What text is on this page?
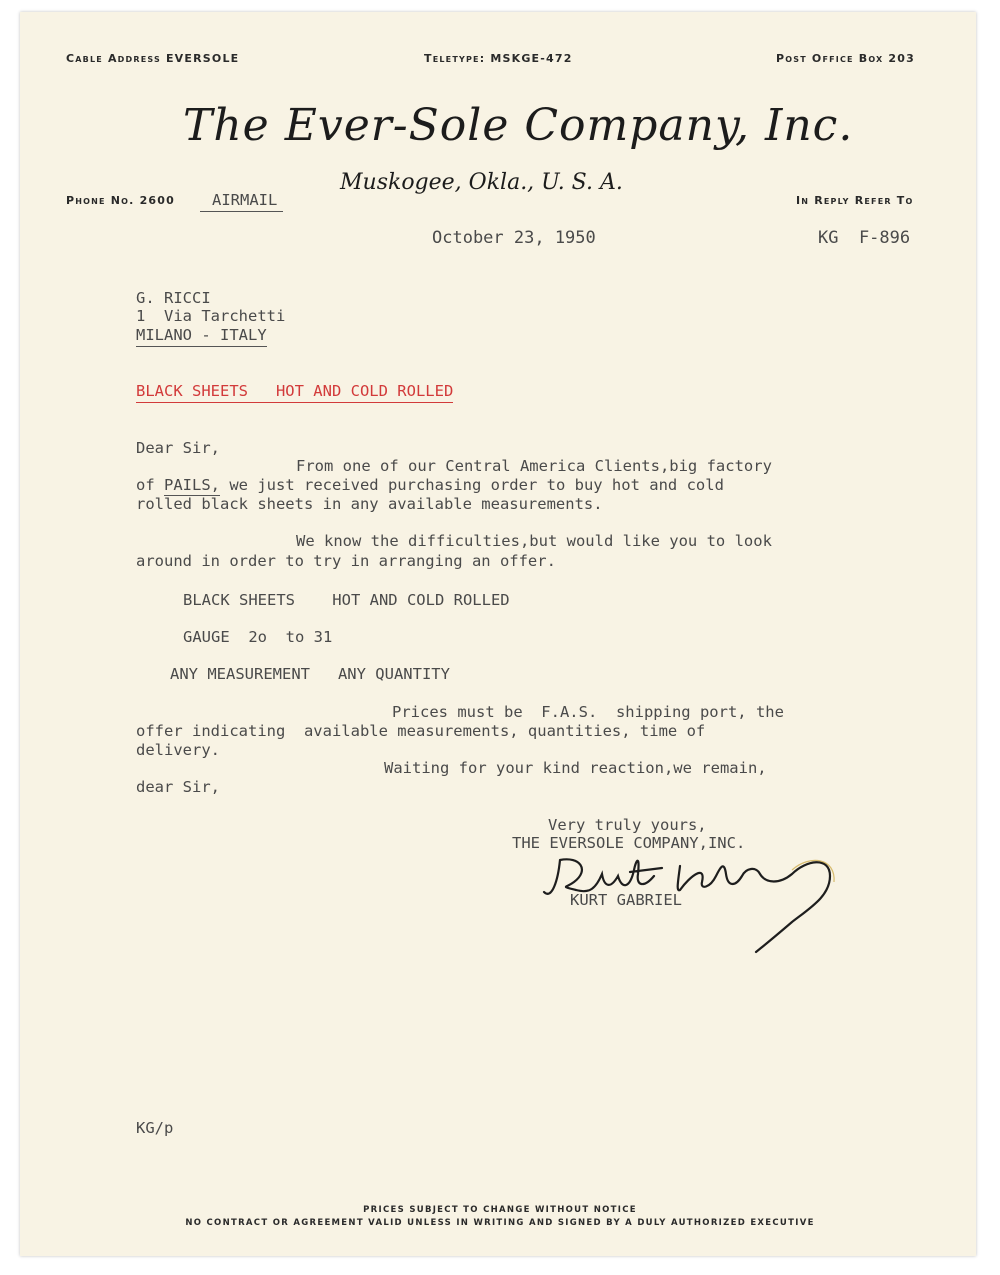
Cable Address EVERSOLE	Teletype: MSKGE-472	Post Office Box 203
The Ever-Sole Company, Inc.
Muskogee, Okla., U. S. A.
Phone No. 2600	AIRMAIL	In Reply Refer To
October 23, 1950	KG  F-896
G. RICCI
1  Via Tarchetti
MILANO - ITALY
BLACK SHEETS   HOT AND COLD ROLLED
Dear Sir,
From one of our Central America Clients,big factory
of PAILS, we just received purchasing order to buy hot and cold
rolled black sheets in any available measurements.
We know the difficulties,but would like you to look
around in order to try in arranging an offer.
BLACK SHEETS    HOT AND COLD ROLLED
GAUGE  2o  to 31
ANY MEASUREMENT   ANY QUANTITY
Prices must be  F.A.S.  shipping port, the
offer indicating  available measurements, quantities, time of
delivery.
Waiting for your kind reaction,we remain,
dear Sir,
Very truly yours,
THE EVERSOLE COMPANY,INC.
KURT GABRIEL
KG/p
PRICES SUBJECT TO CHANGE WITHOUT NOTICE
NO CONTRACT OR AGREEMENT VALID UNLESS IN WRITING AND SIGNED BY A DULY AUTHORIZED EXECUTIVE
